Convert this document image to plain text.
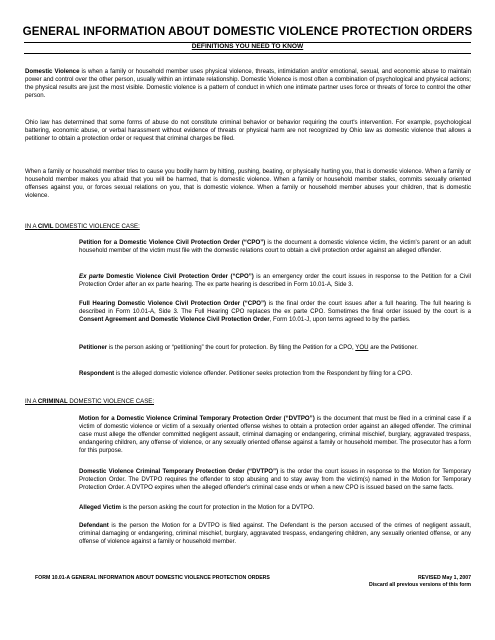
GENERAL INFORMATION ABOUT DOMESTIC VIOLENCE PROTECTION ORDERS
DEFINITIONS YOU NEED TO KNOW
Domestic Violence is when a family or household member uses physical violence, threats, intimidation and/or emotional, sexual, and economic abuse to maintain power and control over the other person, usually within an intimate relationship. Domestic Violence is most often a combination of psychological and physical actions; the physical results are just the most visible. Domestic violence is a pattern of conduct in which one intimate partner uses force or threats of force to control the other person.
Ohio law has determined that some forms of abuse do not constitute criminal behavior or behavior requiring the court's intervention. For example, psychological battering, economic abuse, or verbal harassment without evidence of threats or physical harm are not recognized by Ohio law as domestic violence that allows a petitioner to obtain a protection order or request that criminal charges be filed.
When a family or household member tries to cause you bodily harm by hitting, pushing, beating, or physically hurting you, that is domestic violence. When a family or household member makes you afraid that you will be harmed, that is domestic violence. When a family or household member stalks, commits sexually oriented offenses against you, or forces sexual relations on you, that is domestic violence. When a family or household member abuses your children, that is domestic violence.
IN A CIVIL DOMESTIC VIOLENCE CASE:
Petition for a Domestic Violence Civil Protection Order (“CPO”) is the document a domestic violence victim, the victim's parent or an adult household member of the victim must file with the domestic relations court to obtain a civil protection order against an alleged offender.
Ex parte Domestic Violence Civil Protection Order (“CPO”) is an emergency order the court issues in response to the Petition for a Civil Protection Order after an ex parte hearing. The ex parte hearing is described in Form 10.01-A, Side 3.
Full Hearing Domestic Violence Civil Protection Order (“CPO”) is the final order the court issues after a full hearing. The full hearing is described in Form 10.01-A, Side 3. The Full Hearing CPO replaces the ex parte CPO. Sometimes the final order issued by the court is a Consent Agreement and Domestic Violence Civil Protection Order, Form 10.01-J, upon terms agreed to by the parties.
Petitioner is the person asking or “petitioning” the court for protection. By filing the Petition for a CPO, YOU are the Petitioner.
Respondent is the alleged domestic violence offender. Petitioner seeks protection from the Respondent by filing for a CPO.
IN A CRIMINAL DOMESTIC VIOLENCE CASE:
Motion for a Domestic Violence Criminal Temporary Protection Order (“DVTPO”) is the document that must be filed in a criminal case if a victim of domestic violence or victim of a sexually oriented offense wishes to obtain a protection order against an alleged offender. The criminal case must allege the offender committed negligent assault, criminal damaging or endangering, criminal mischief, burglary, aggravated trespass, endangering children, any offense of violence, or any sexually oriented offense against a family or household member. The prosecutor has a form for this purpose.
Domestic Violence Criminal Temporary Protection Order (“DVTPO”) is the order the court issues in response to the Motion for Temporary Protection Order. The DVTPO requires the offender to stop abusing and to stay away from the victim(s) named in the Motion for Temporary Protection Order. A DVTPO expires when the alleged offender's criminal case ends or when a new CPO is issued based on the same facts.
Alleged Victim is the person asking the court for protection in the Motion for a DVTPO.
Defendant is the person the Motion for a DVTPO is filed against. The Defendant is the person accused of the crimes of negligent assault, criminal damaging or endangering, criminal mischief, burglary, aggravated trespass, endangering children, any sexually oriented offense, or any offense of violence against a family or household member.
FORM 10.01-A GENERAL INFORMATION ABOUT DOMESTIC VIOLENCE PROTECTION ORDERS	REVISED May 1, 2007
Discard all previous versions of this form
